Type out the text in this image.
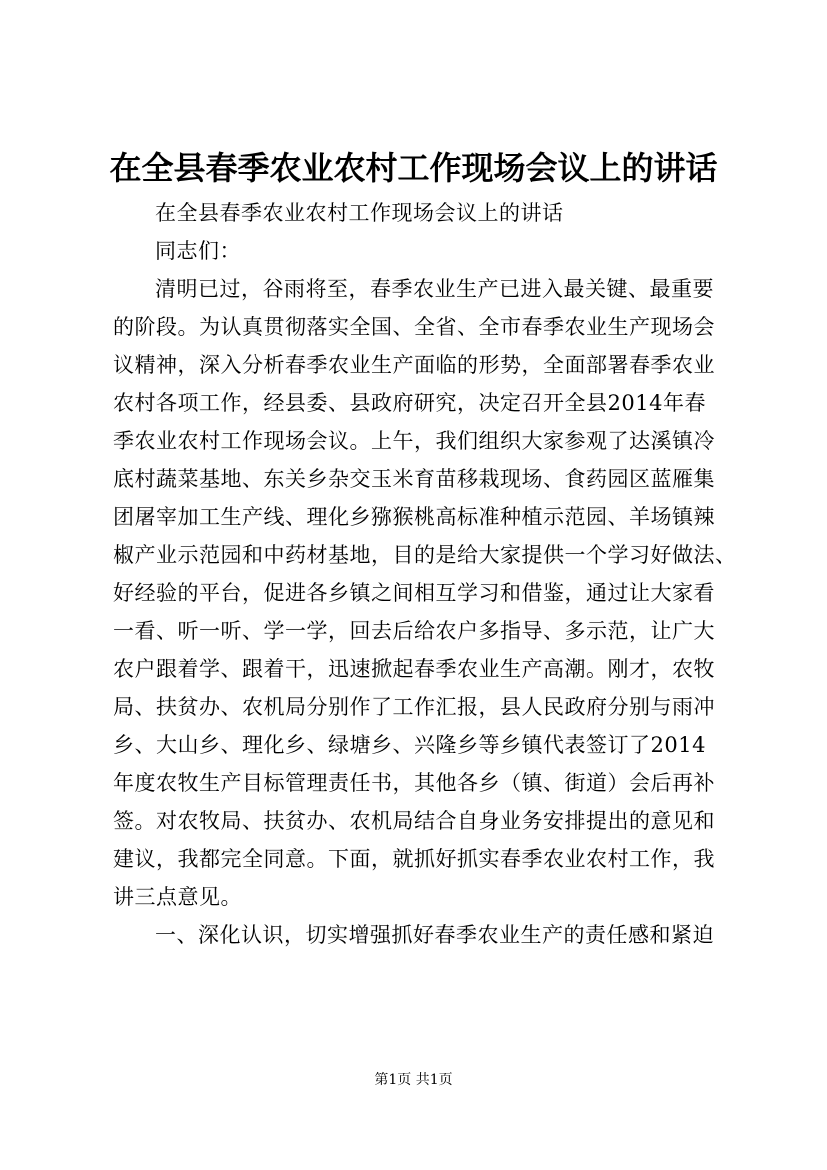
在全县春季农业农村工作现场会议上的讲话
在全县春季农业农村工作现场会议上的讲话
同志们：
清明已过，谷雨将至，春季农业生产已进入最关键、最重要
的阶段。为认真贯彻落实全国、全省、全市春季农业生产现场会
议精神，深入分析春季农业生产面临的形势，全面部署春季农业
农村各项工作，经县委、县政府研究，决定召开全县2014年春
季农业农村工作现场会议。上午，我们组织大家参观了达溪镇冷
底村蔬菜基地、东关乡杂交玉米育苗移栽现场、食药园区蓝雁集
团屠宰加工生产线、理化乡猕猴桃高标准种植示范园、羊场镇辣
椒产业示范园和中药材基地，目的是给大家提供一个学习好做法、
好经验的平台，促进各乡镇之间相互学习和借鉴，通过让大家看
一看、听一听、学一学，回去后给农户多指导、多示范，让广大
农户跟着学、跟着干，迅速掀起春季农业生产高潮。刚才，农牧
局、扶贫办、农机局分别作了工作汇报，县人民政府分别与雨冲
乡、大山乡、理化乡、绿塘乡、兴隆乡等乡镇代表签订了2014
年度农牧生产目标管理责任书，其他各乡（镇、街道）会后再补
签。对农牧局、扶贫办、农机局结合自身业务安排提出的意见和
建议，我都完全同意。下面，就抓好抓实春季农业农村工作，我
讲三点意见。
一、深化认识，切实增强抓好春季农业生产的责任感和紧迫
第1页 共1页
